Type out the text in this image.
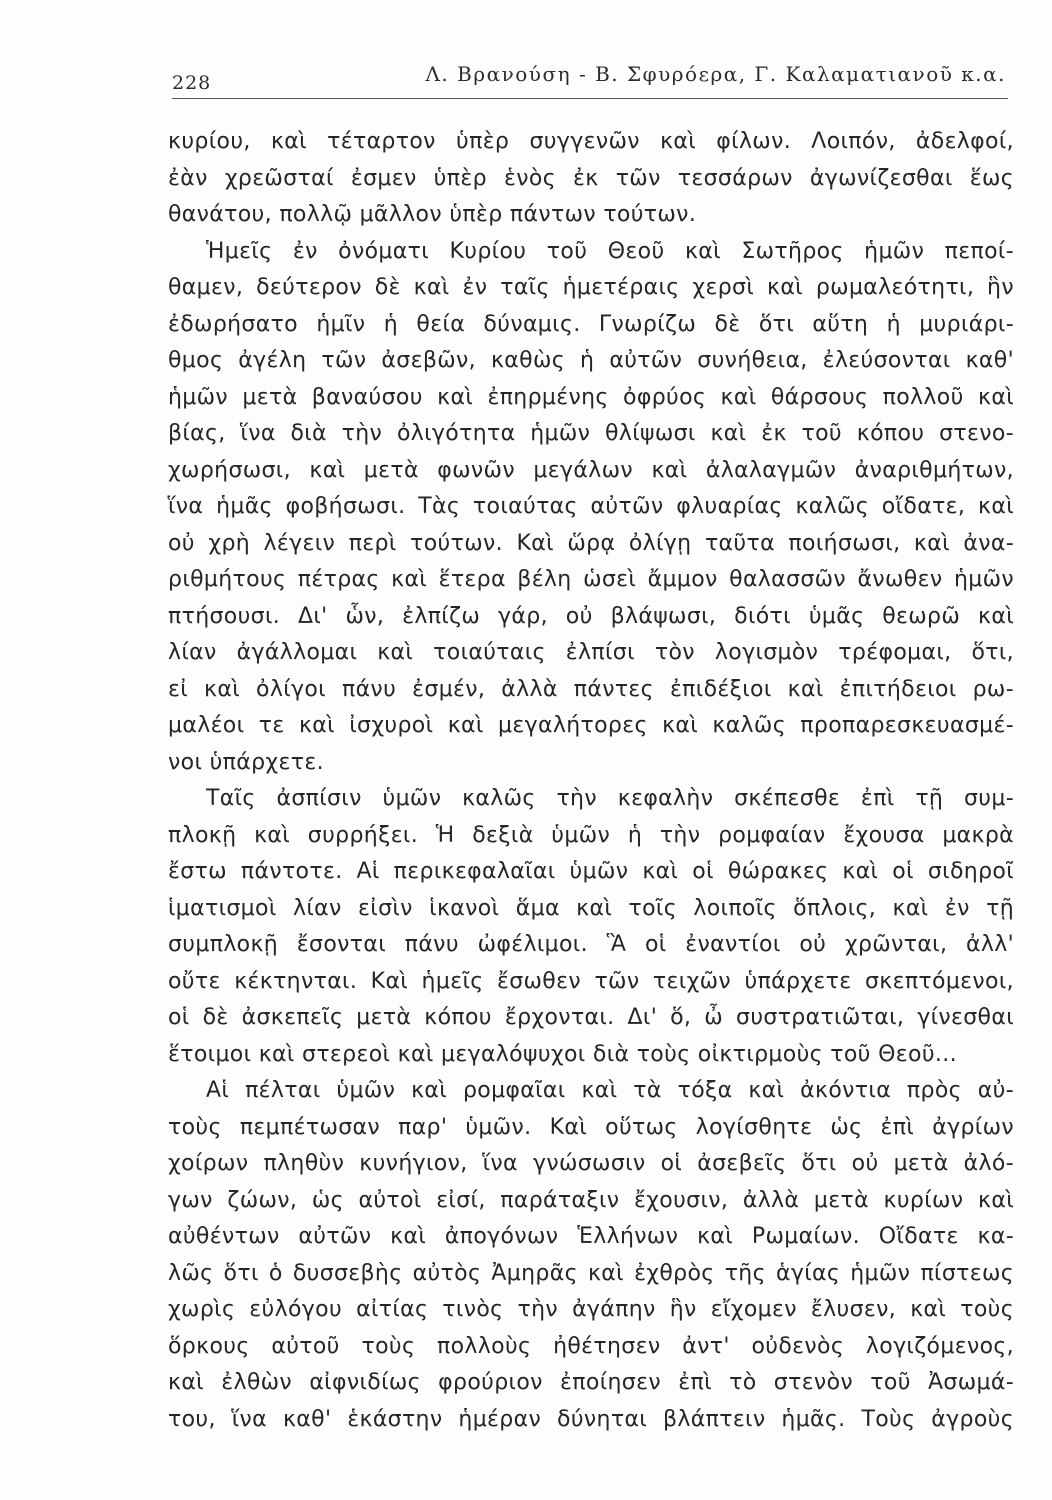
228	Λ. Βρανούση - Β. Σφυρόερα, Γ. Καλαματιανοῦ κ.α.
κυρίου, καὶ τέταρτον ὑπὲρ συγγενῶν καὶ φίλων. Λοιπόν, ἀδελφοί,
ἐὰν χρεῶσταί ἐσμεν ὑπὲρ ἑνὸς ἐκ τῶν τεσσάρων ἀγωνίζεσθαι ἕως
θανάτου, πολλῷ μᾶλλον ὑπὲρ πάντων τούτων.
Ἡμεῖς ἐν ὀνόματι Κυρίου τοῦ Θεοῦ καὶ Σωτῆρος ἡμῶν πεποί-
θαμεν, δεύτερον δὲ καὶ ἐν ταῖς ἡμετέραις χερσὶ καὶ ρωμαλεότητι, ἣν
ἐδωρήσατο ἡμῖν ἡ θεία δύναμις. Γνωρίζω δὲ ὅτι αὕτη ἡ μυριάρι-
θμος ἀγέλη τῶν ἀσεβῶν, καθὼς ἡ αὐτῶν συνήθεια, ἐλεύσονται καθ'
ἡμῶν μετὰ βαναύσου καὶ ἐπηρμένης ὀφρύος καὶ θάρσους πολλοῦ καὶ
βίας, ἵνα διὰ τὴν ὀλιγότητα ἡμῶν θλίψωσι καὶ ἐκ τοῦ κόπου στενο-
χωρήσωσι, καὶ μετὰ φωνῶν μεγάλων καὶ ἀλαλαγμῶν ἀναριθμήτων,
ἵνα ἡμᾶς φοβήσωσι. Τὰς τοιαύτας αὐτῶν φλυαρίας καλῶς οἴδατε, καὶ
οὐ χρὴ λέγειν περὶ τούτων. Καὶ ὥρᾳ ὀλίγῃ ταῦτα ποιήσωσι, καὶ ἀνα-
ριθμήτους πέτρας καὶ ἕτερα βέλη ὡσεὶ ἄμμον θαλασσῶν ἄνωθεν ἡμῶν
πτήσουσι. Δι' ὧν, ἐλπίζω γάρ, οὐ βλάψωσι, διότι ὑμᾶς θεωρῶ καὶ
λίαν ἀγάλλομαι καὶ τοιαύταις ἐλπίσι τὸν λογισμὸν τρέφομαι, ὅτι,
εἰ καὶ ὀλίγοι πάνυ ἐσμέν, ἀλλὰ πάντες ἐπιδέξιοι καὶ ἐπιτήδειοι ρω-
μαλέοι τε καὶ ἰσχυροὶ καὶ μεγαλήτορες καὶ καλῶς προπαρεσκευασμέ-
νοι ὑπάρχετε.
Ταῖς ἀσπίσιν ὑμῶν καλῶς τὴν κεφαλὴν σκέπεσθε ἐπὶ τῇ συμ-
πλοκῇ καὶ συρρήξει. Ἡ δεξιὰ ὑμῶν ἡ τὴν ρομφαίαν ἔχουσα μακρὰ
ἔστω πάντοτε. Αἱ περικεφαλαῖαι ὑμῶν καὶ οἱ θώρακες καὶ οἱ σιδηροῖ
ἱματισμοὶ λίαν εἰσὶν ἱκανοὶ ἅμα καὶ τοῖς λοιποῖς ὅπλοις, καὶ ἐν τῇ
συμπλοκῇ ἔσονται πάνυ ὠφέλιμοι. Ἃ οἱ ἐναντίοι οὐ χρῶνται, ἀλλ'
οὔτε κέκτηνται. Καὶ ἡμεῖς ἔσωθεν τῶν τειχῶν ὑπάρχετε σκεπτόμενοι,
οἱ δὲ ἀσκεπεῖς μετὰ κόπου ἔρχονται. Δι' ὅ, ὦ συστρατιῶται, γίνεσθαι
ἕτοιμοι καὶ στερεοὶ καὶ μεγαλόψυχοι διὰ τοὺς οἰκτιρμοὺς τοῦ Θεοῦ...
Αἱ πέλται ὑμῶν καὶ ρομφαῖαι καὶ τὰ τόξα καὶ ἀκόντια πρὸς αὐ-
τοὺς πεμπέτωσαν παρ' ὑμῶν. Καὶ οὕτως λογίσθητε ὡς ἐπὶ ἀγρίων
χοίρων πληθὺν κυνήγιον, ἵνα γνώσωσιν οἱ ἀσεβεῖς ὅτι οὐ μετὰ ἀλό-
γων ζώων, ὡς αὐτοὶ εἰσί, παράταξιν ἔχουσιν, ἀλλὰ μετὰ κυρίων καὶ
αὐθέντων αὐτῶν καὶ ἀπογόνων Ἑλλήνων καὶ Ρωμαίων. Οἴδατε κα-
λῶς ὅτι ὁ δυσσεβὴς αὐτὸς Ἀμηρᾶς καὶ ἐχθρὸς τῆς ἁγίας ἡμῶν πίστεως
χωρὶς εὐλόγου αἰτίας τινὸς τὴν ἀγάπην ἣν εἴχομεν ἔλυσεν, καὶ τοὺς
ὅρκους αὐτοῦ τοὺς πολλοὺς ἠθέτησεν ἀντ' οὐδενὸς λογιζόμενος,
καὶ ἐλθὼν αἰφνιδίως φρούριον ἐποίησεν ἐπὶ τὸ στενὸν τοῦ Ἀσωμά-
του, ἵνα καθ' ἑκάστην ἡμέραν δύνηται βλάπτειν ἡμᾶς. Τοὺς ἀγροὺς
